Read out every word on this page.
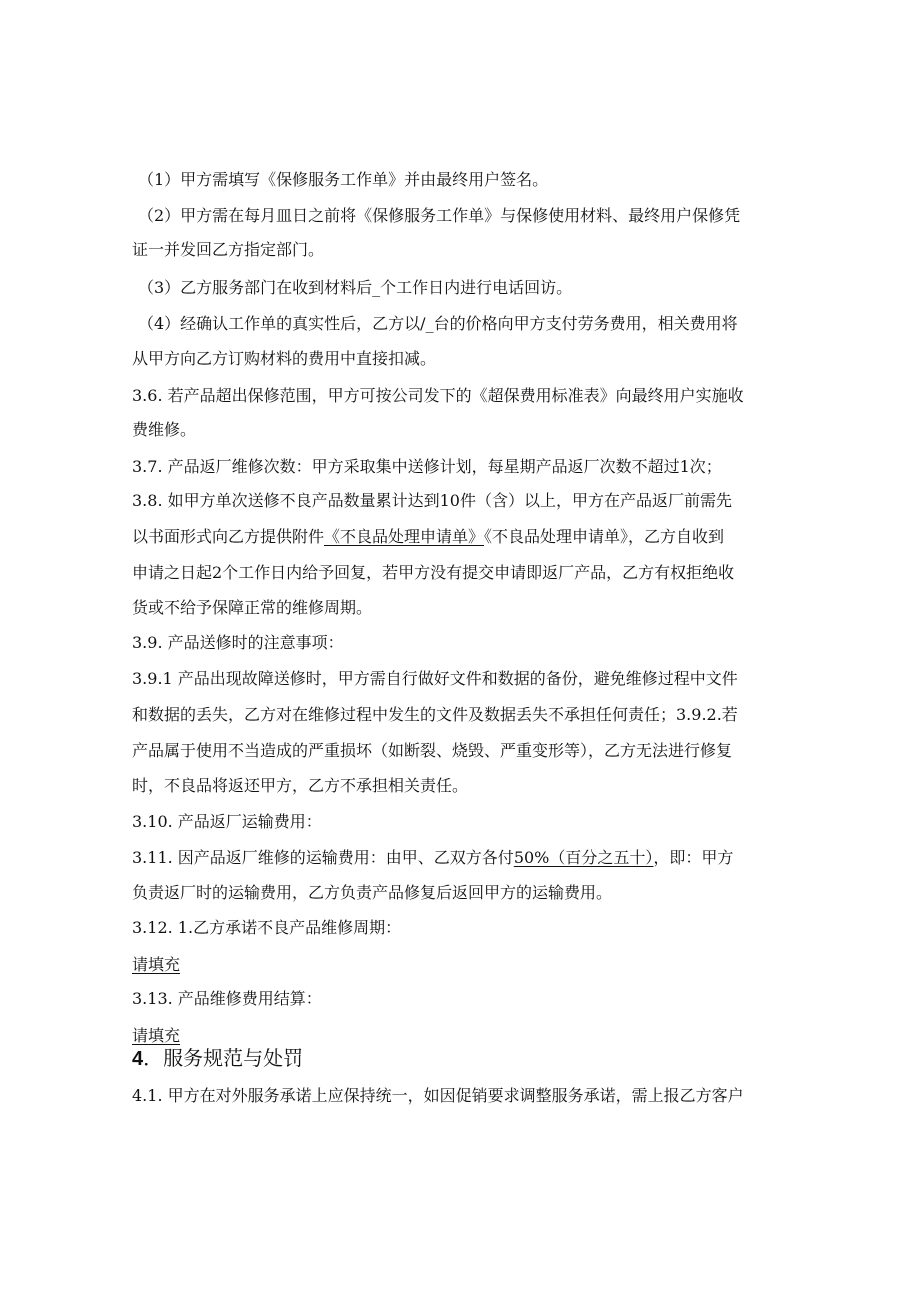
（1）甲方需填写《保修服务工作单》并由最终用户签名。
（2）甲方需在每月皿日之前将《保修服务工作单》与保修使用材料、最终用户保修凭
证一并发回乙方指定部门。
（3）乙方服务部门在收到材料后_个工作日内进行电话回访。
（4）经确认工作单的真实性后，乙方以/_台的价格向甲方支付劳务费用，相关费用将
从甲方向乙方订购材料的费用中直接扣减。
3.6. 若产品超出保修范围，甲方可按公司发下的《超保费用标准表》向最终用户实施收
费维修。
3.7. 产品返厂维修次数：甲方采取集中送修计划，每星期产品返厂次数不超过1次；
3.8. 如甲方单次送修不良产品数量累计达到10件（含）以上，甲方在产品返厂前需先
以书面形式向乙方提供附件《不良品处理申请单》《不良品处理申请单》，乙方自收到
申请之日起2个工作日内给予回复，若甲方没有提交申请即返厂产品，乙方有权拒绝收
货或不给予保障正常的维修周期。
3.9. 产品送修时的注意事项：
3.9.1 产品出现故障送修时，甲方需自行做好文件和数据的备份，避免维修过程中文件
和数据的丢失，乙方对在维修过程中发生的文件及数据丢失不承担任何责任；3.9.2.若
产品属于使用不当造成的严重损坏（如断裂、烧毁、严重变形等），乙方无法进行修复
时，不良品将返还甲方，乙方不承担相关责任。
3.10. 产品返厂运输费用：
3.11. 因产品返厂维修的运输费用：由甲、乙双方各付50%（百分之五十），即：甲方
负责返厂时的运输费用，乙方负责产品修复后返回甲方的运输费用。
3.12. 1.乙方承诺不良产品维修周期：
请填充
3.13. 产品维修费用结算：
请填充
4．服务规范与处罚
4.1. 甲方在对外服务承诺上应保持统一，如因促销要求调整服务承诺，需上报乙方客户
